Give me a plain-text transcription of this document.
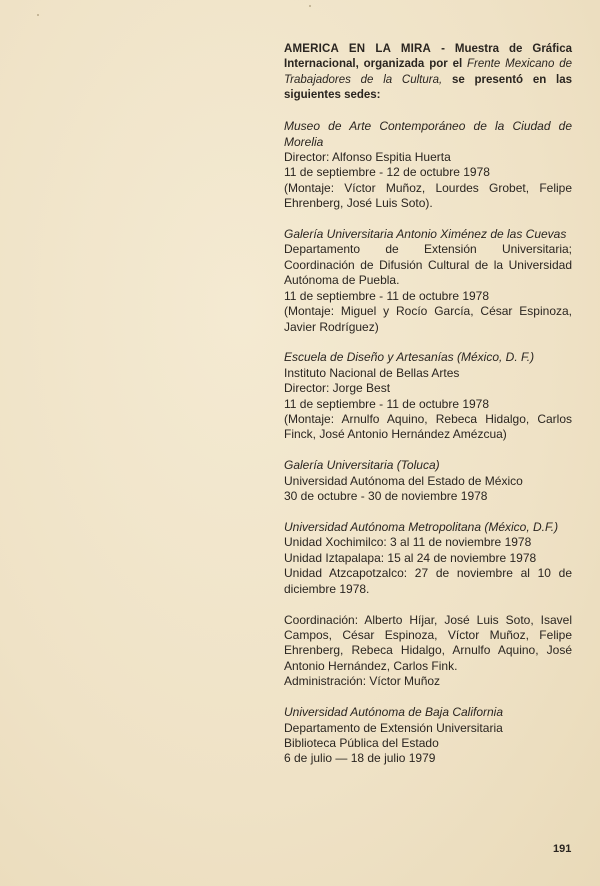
AMERICA EN LA MIRA - Muestra de Gráfica Internacional, organizada por el Frente Mexicano de Trabajadores de la Cultura, se presentó en las siguientes sedes:

Museo de Arte Contemporáneo de la Ciudad de Morelia

Director: Alfonso Espitia Huerta

11 de septiembre - 12 de octubre 1978

(Montaje: Víctor Muñoz, Lourdes Grobet, Felipe Ehrenberg, José Luis Soto).

Galería Universitaria Antonio Ximénez de las Cuevas

Departamento de Extensión Universitaria; Coordinación de Difusión Cultural de la Universidad Autónoma de Puebla.

11 de septiembre - 11 de octubre 1978

(Montaje: Miguel y Rocío García, César Espinoza, Javier Rodríguez)

Escuela de Diseño y Artesanías (México, D. F.)

Instituto Nacional de Bellas Artes

Director: Jorge Best

11 de septiembre - 11 de octubre 1978

(Montaje: Arnulfo Aquino, Rebeca Hidalgo, Carlos Finck, José Antonio Hernández Amézcua)

Galería Universitaria (Toluca)

Universidad Autónoma del Estado de México

30 de octubre - 30 de noviembre 1978

Universidad Autónoma Metropolitana (México, D.F.)

Unidad Xochimilco: 3 al 11 de noviembre 1978

Unidad Iztapalapa: 15 al 24 de noviembre 1978

Unidad Atzcapotzalco: 27 de noviembre al 10 de diciembre 1978.

Coordinación: Alberto Híjar, José Luis Soto, Isavel Campos, César Espinoza, Víctor Muñoz, Felipe Ehrenberg, Rebeca Hidalgo, Arnulfo Aquino, José Antonio Hernández, Carlos Fink.

Administración: Víctor Muñoz

Universidad Autónoma de Baja California

Departamento de Extensión Universitaria

Biblioteca Pública del Estado

6 de julio — 18 de julio 1979

191
